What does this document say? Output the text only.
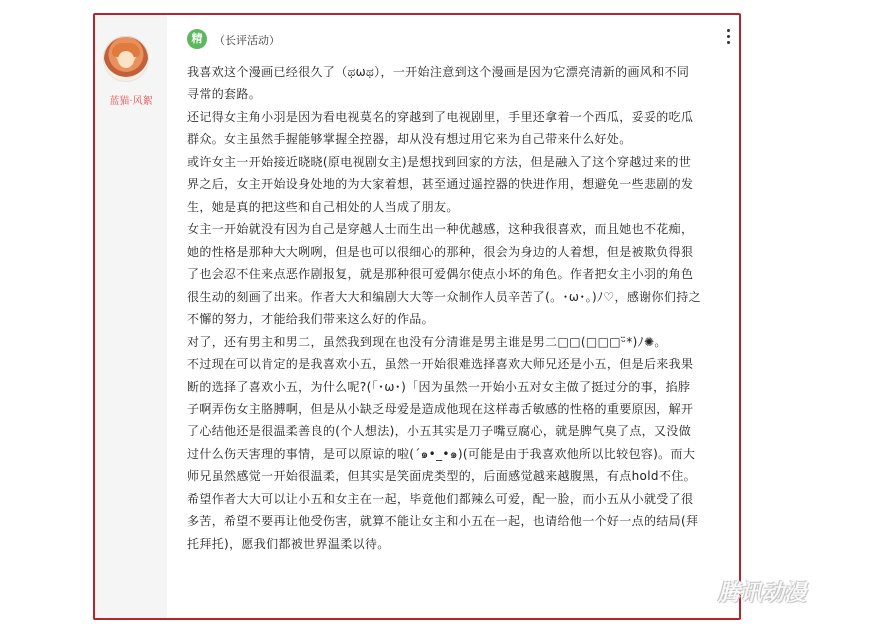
蓝猫·风絮
精	（长评活动）

我喜欢这个漫画已经很久了（ಥωಥ），一开始注意到这个漫画是因为它漂亮清新的画风和不同寻常的套路。

还记得女主角小羽是因为看电视莫名的穿越到了电视剧里，手里还拿着一个西瓜，妥妥的吃瓜群众。女主虽然手握能够掌握全控器，却从没有想过用它来为自己带来什么好处。

或许女主一开始接近晓晓(原电视剧女主)是想找到回家的方法，但是融入了这个穿越过来的世界之后，女主开始设身处地的为大家着想，甚至通过遥控器的快进作用，想避免一些悲剧的发生，她是真的把这些和自己相处的人当成了朋友。

女主一开始就没有因为自己是穿越人士而生出一种优越感，这种我很喜欢，而且她也不花痴，她的性格是那种大大咧咧，但是也可以很细心的那种，很会为身边的人着想，但是被欺负得狠了也会忍不住来点恶作剧报复，就是那种很可爱偶尔使点小坏的角色。作者把女主小羽的角色很生动的刻画了出来。作者大大和编剧大大等一众制作人员辛苦了(。･ω･。)ﾉ♡，感谢你们持之不懈的努力，才能给我们带来这么好的作品。

对了，还有男主和男二，虽然我到现在也没有分清谁是男主谁是男二□□(□□□ᵕ̈*)ﾉ✺。

不过现在可以肯定的是我喜欢小五，虽然一开始很难选择喜欢大师兄还是小五，但是后来我果断的选择了喜欢小五，为什么呢?(「･ω･)「因为虽然一开始小五对女主做了挺过分的事，掐脖子啊弄伤女主胳膊啊，但是从小缺乏母爱是造成他现在这样毒舌敏感的性格的重要原因，解开了心结他还是很温柔善良的(个人想法)，小五其实是刀子嘴豆腐心，就是脾气臭了点，又没做过什么伤天害理的事情，是可以原谅的啦(´๑•_•๑)(可能是由于我喜欢他所以比较包容)。而大师兄虽然感觉一开始很温柔，但其实是笑面虎类型的，后面感觉越来越腹黑，有点hold不住。

希望作者大大可以让小五和女主在一起，毕竟他们都辣么可爱，配一脸，而小五从小就受了很多苦，希望不要再让他受伤害，就算不能让女主和小五在一起，也请给他一个好一点的结局(拜托拜托)，愿我们都被世界温柔以待。

腾讯动漫
